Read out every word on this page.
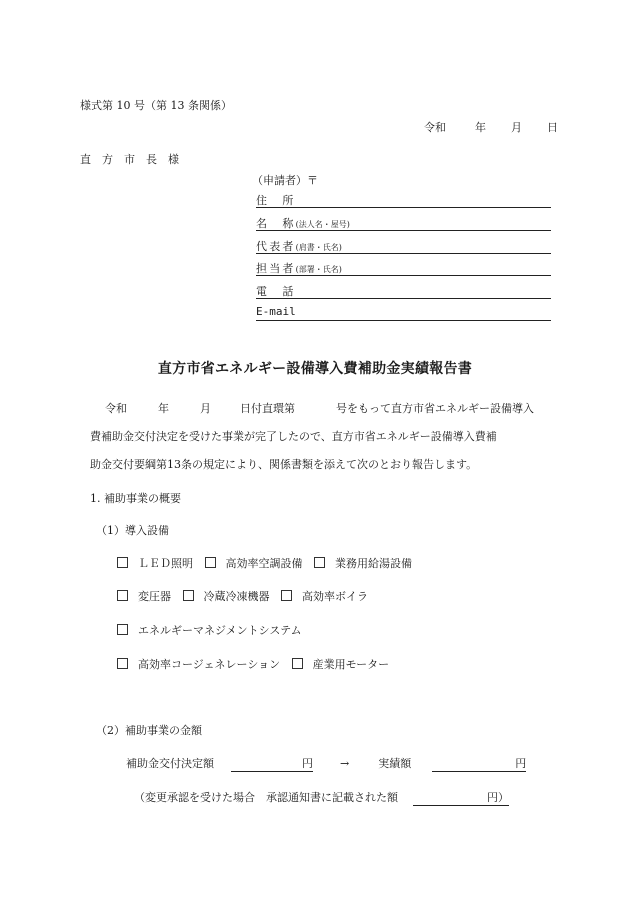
様式第 10 号（第 13 条関係）
令和	年 月 日
直　方　市　長　様
（申請者）〒
住　所
名　称(法人名・屋号)
代表者(肩書・氏名)
担当者(部署・氏名)
電　話
E-mail
直方市省エネルギー設備導入費補助金実績報告書
令和	年	月	日付直環第	号をもって直方市省エネルギー設備導入
費補助金交付決定を受けた事業が完了したので、直方市省エネルギー設備導入費補
助金交付要綱第13条の規定により、関係書類を添えて次のとおり報告します。
1. 補助事業の概要
（1）導入設備
ＬＥＤ照明	高効率空調設備	業務用給湯設備
変圧器	冷蔵冷凍機器	高効率ボイラ
エネルギーマネジメントシステム
高効率コージェネレーション	産業用モーター
（2）補助事業の金額
補助金交付決定額	円 →	実績額	円
（変更承認を受けた場合　承認通知書に記載された額	円）
